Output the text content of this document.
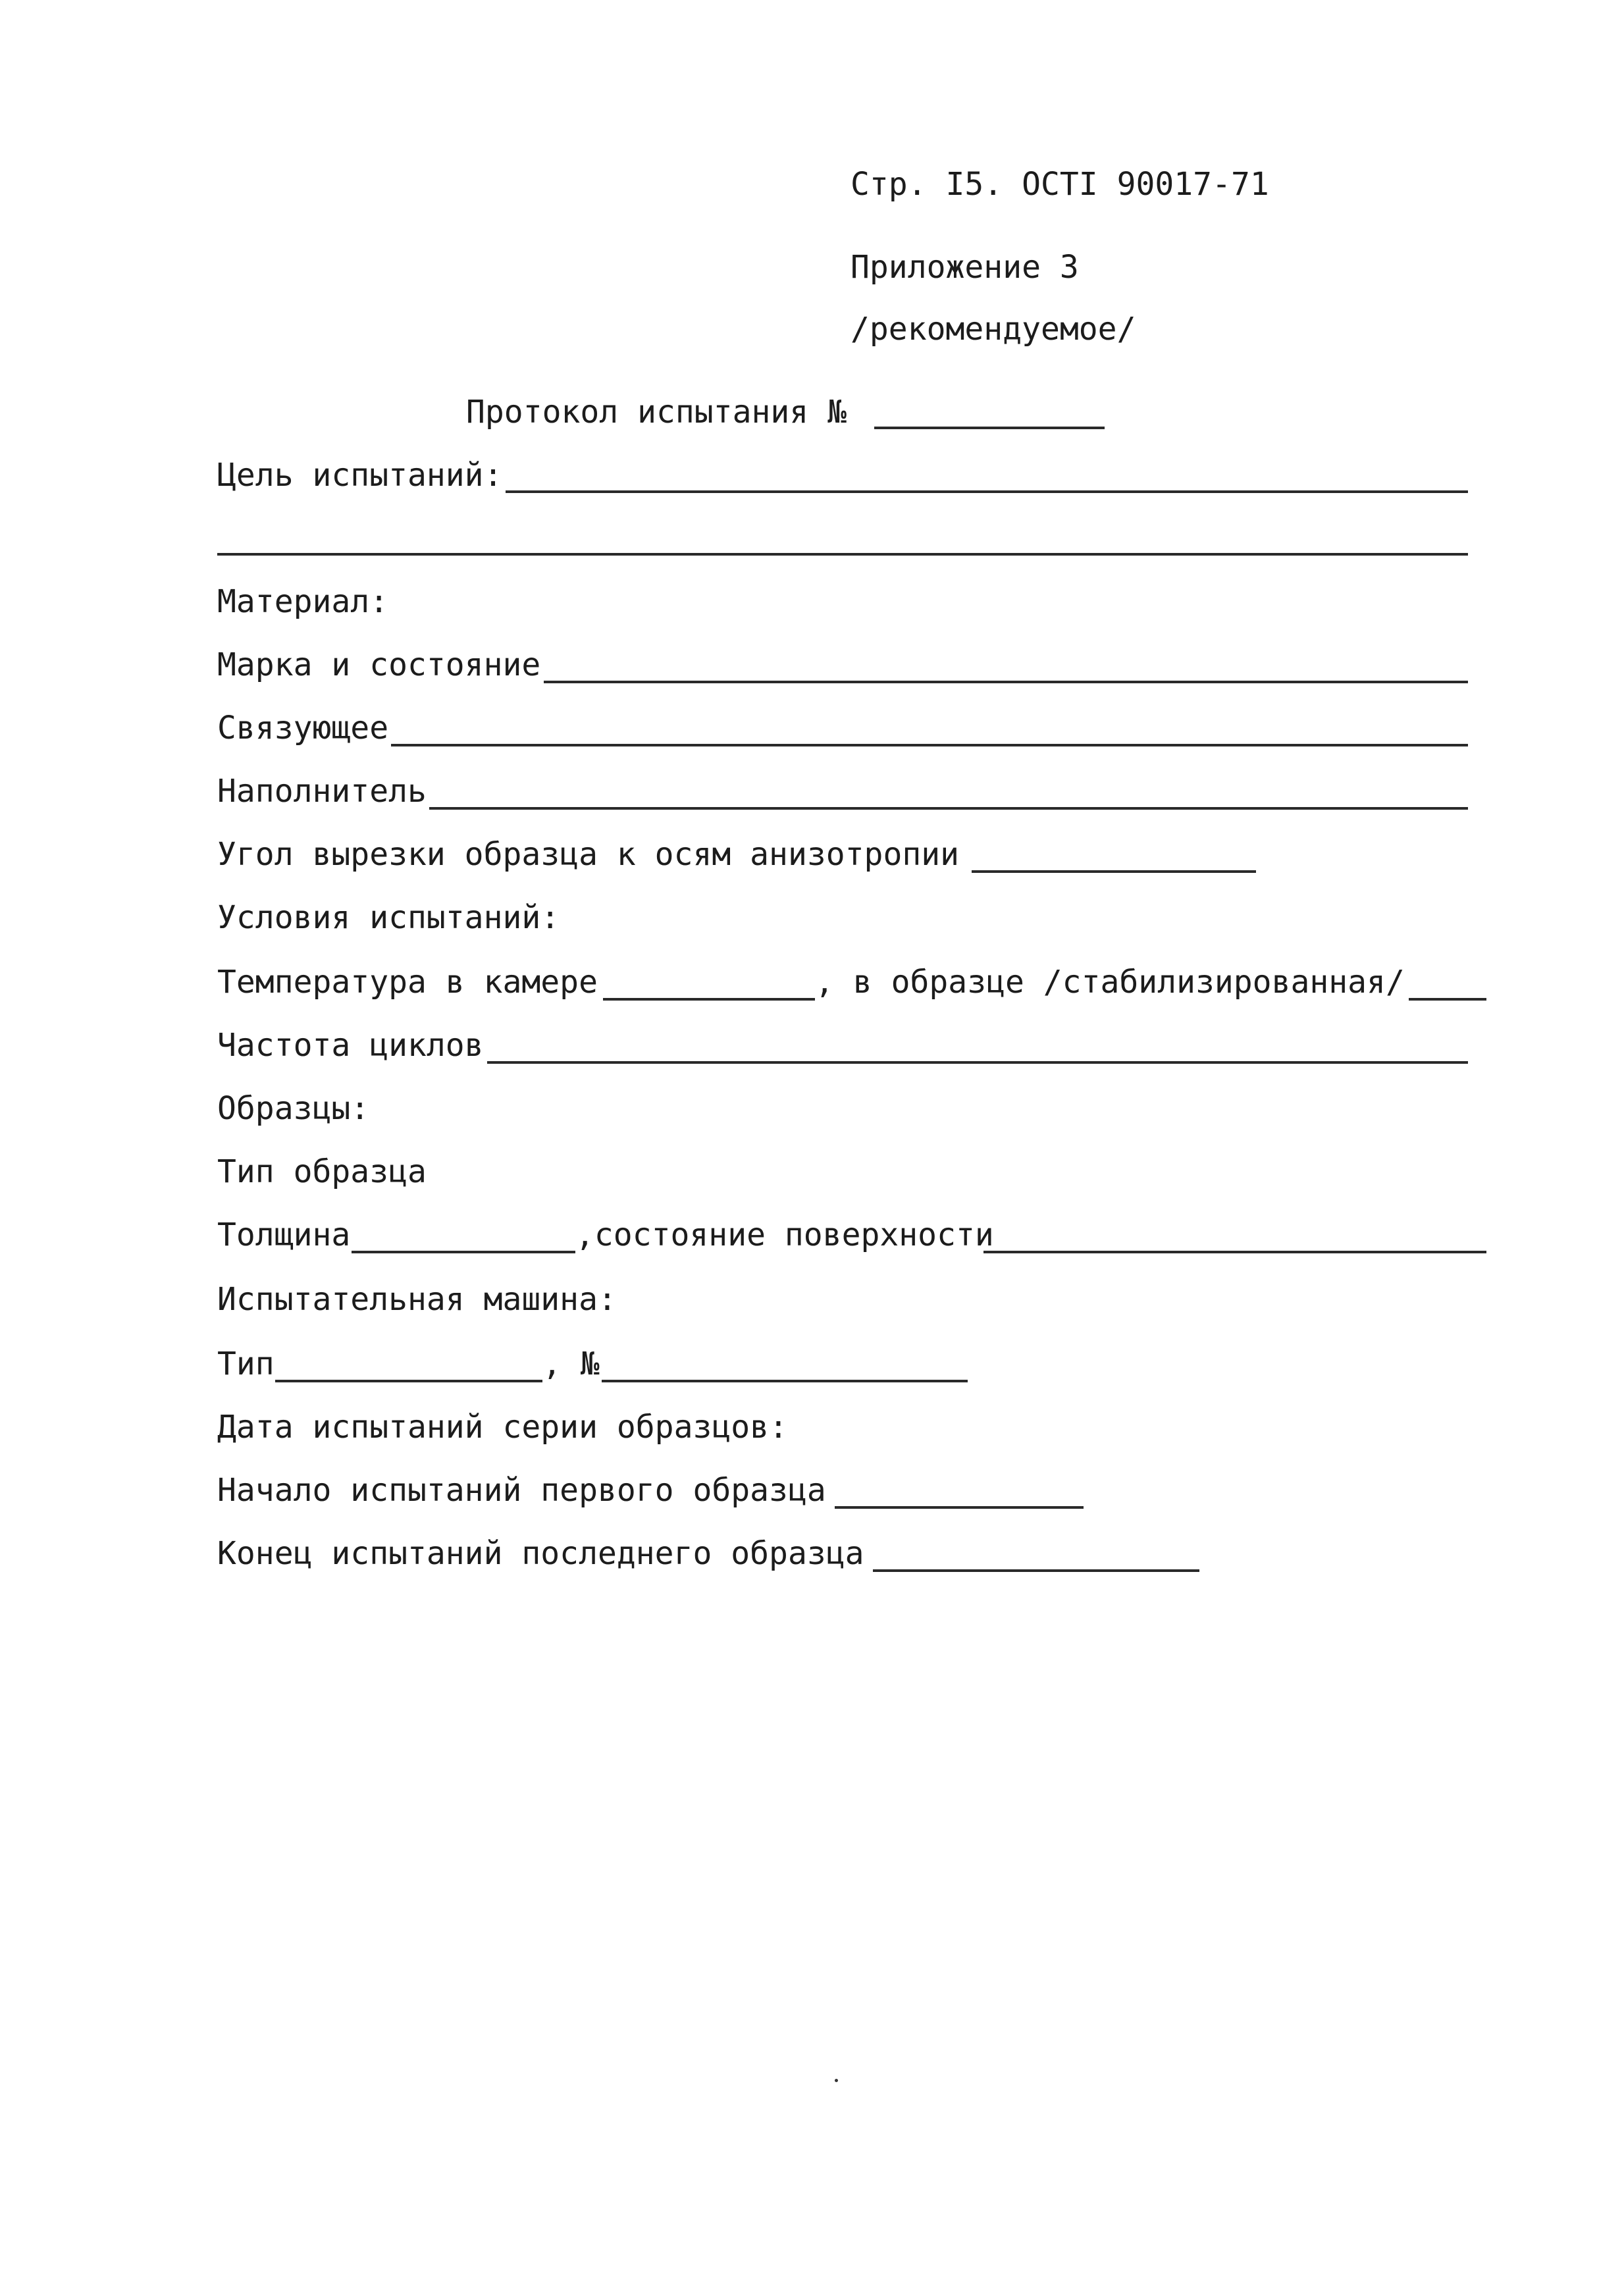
Стр. I5. ОСТI 90017-71
Приложение 3
/рекомендуемое/
Протокол испытания №
Цель испытаний:
Материал:
Марка и состояние
Связующее
Наполнитель
Угол вырезки образца к осям анизотропии
Условия испытаний:
Температура в камере	, в образце /стабилизированная/
Частота циклов
Образцы:
Тип образца
Толщина	,состояние поверхности
Испытательная машина:
Тип	, №
Дата испытаний серии образцов:
Начало испытаний первого образца
Конец испытаний последнего образца
